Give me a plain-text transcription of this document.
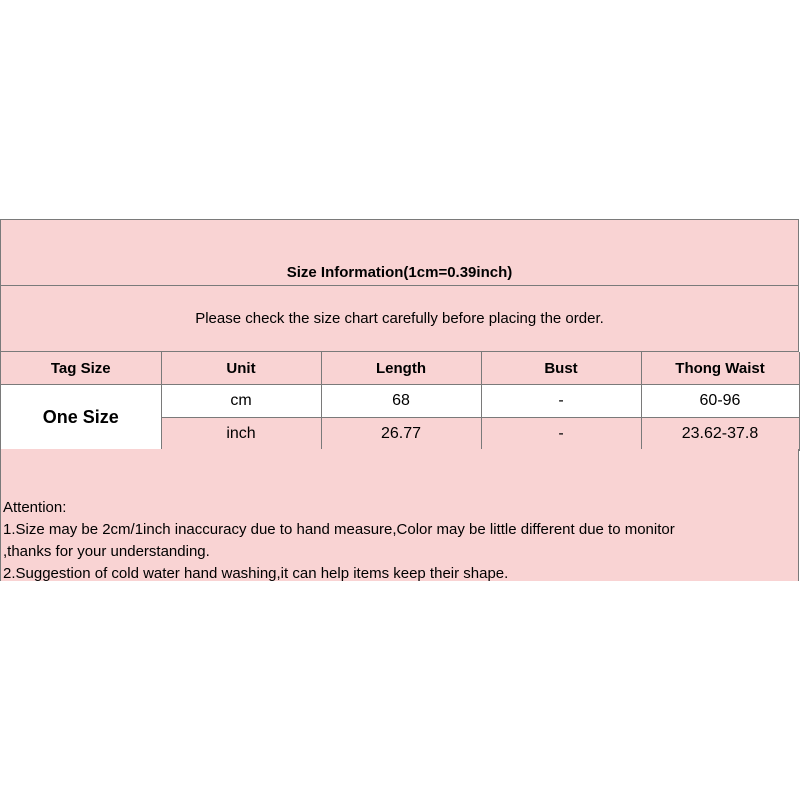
Size Information(1cm=0.39inch)
Please check the size chart carefully before placing the order.
Tag Size	Unit	Length	Bust	Thong Waist
One Size	cm	68	-	60-96
	inch	26.77	-	23.62-37.8
Attention:
1.Size may be 2cm/1inch inaccuracy due to hand measure,Color may be little different due to monitor
,thanks for your understanding.
2.Suggestion of cold water hand washing,it can help items keep their shape.
